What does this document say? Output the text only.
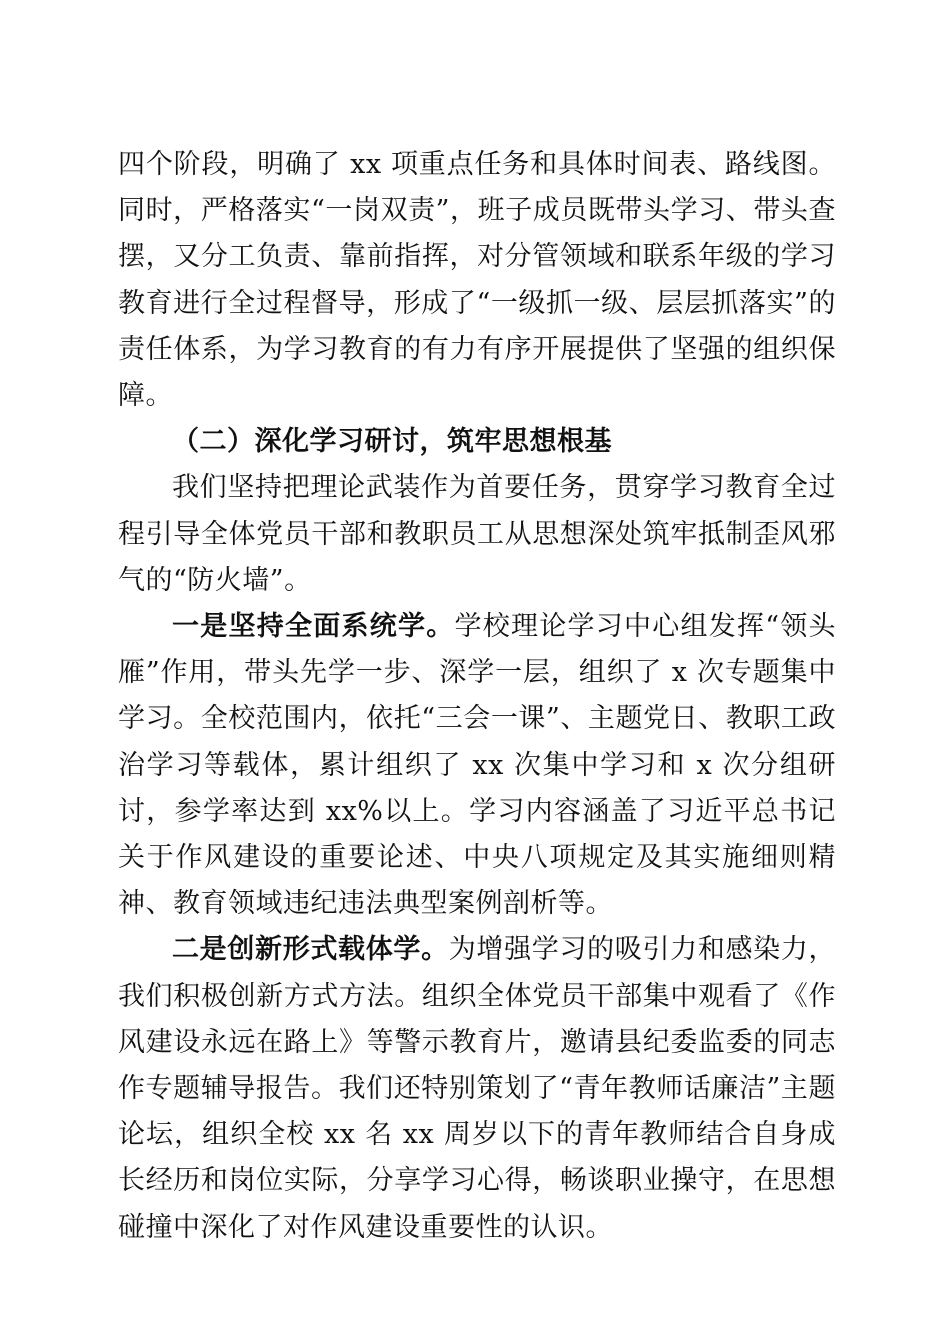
四个阶段，明确了 xx 项重点任务和具体时间表、路线图。同时，严格落实“一岗双责”，班子成员既带头学习、带头查摆，又分工负责、靠前指挥，对分管领域和联系年级的学习教育进行全过程督导，形成了“一级抓一级、层层抓落实”的责任体系，为学习教育的有力有序开展提供了坚强的组织保障。

（二）深化学习研讨，筑牢思想根基

我们坚持把理论武装作为首要任务，贯穿学习教育全过程引导全体党员干部和教职员工从思想深处筑牢抵制歪风邪气的“防火墙”。

一是坚持全面系统学。学校理论学习中心组发挥“领头雁”作用，带头先学一步、深学一层，组织了 x 次专题集中学习。全校范围内，依托“三会一课”、主题党日、教职工政治学习等载体，累计组织了 xx 次集中学习和 x 次分组研讨，参学率达到 xx%以上。学习内容涵盖了习近平总书记关于作风建设的重要论述、中央八项规定及其实施细则精神、教育领域违纪违法典型案例剖析等。

二是创新形式载体学。为增强学习的吸引力和感染力，我们积极创新方式方法。组织全体党员干部集中观看了《作风建设永远在路上》等警示教育片，邀请县纪委监委的同志作专题辅导报告。我们还特别策划了“青年教师话廉洁”主题论坛，组织全校 xx 名 xx 周岁以下的青年教师结合自身成长经历和岗位实际，分享学习心得，畅谈职业操守，在思想碰撞中深化了对作风建设重要性的认识。
